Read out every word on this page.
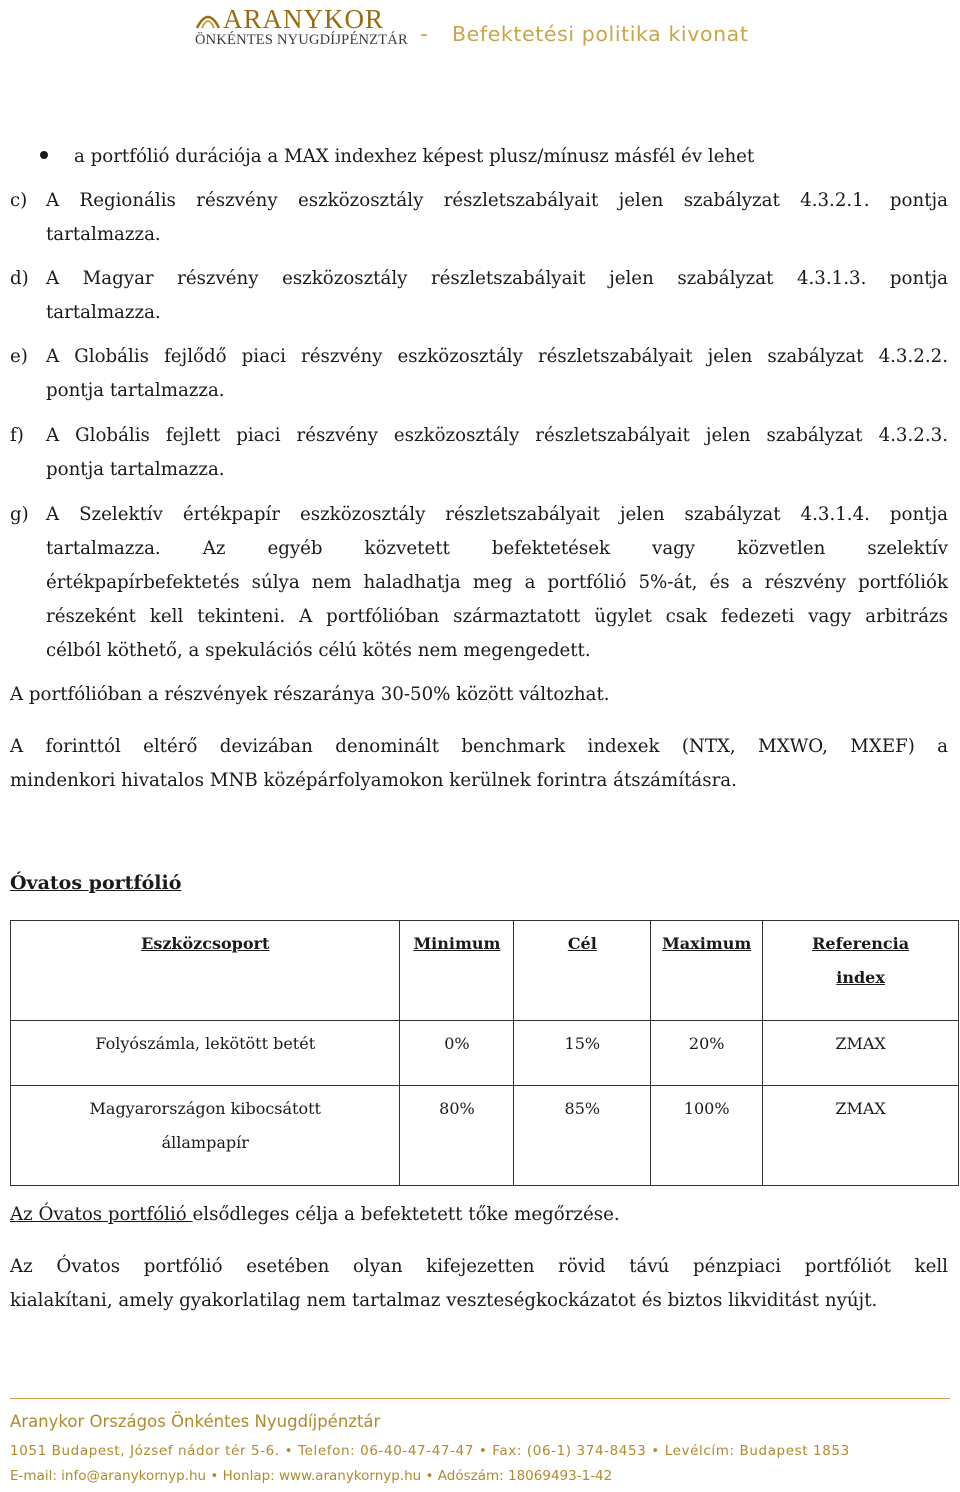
ARANYKOR
ÖNKÉNTES NYUGDÍJPÉNZTÁR - Befektetési politika kivonat
a portfólió durációja a MAX indexhez képest plusz/mínusz másfél év lehet
c) A Regionális részvény eszközosztály részletszabályait jelen szabályzat 4.3.2.1. pontja
tartalmazza.
d) A Magyar részvény eszközosztály részletszabályait jelen szabályzat 4.3.1.3. pontja
tartalmazza.
e) A Globális fejlődő piaci részvény eszközosztály részletszabályait jelen szabályzat 4.3.2.2.
pontja tartalmazza.
f) A Globális fejlett piaci részvény eszközosztály részletszabályait jelen szabályzat 4.3.2.3.
pontja tartalmazza.
g) A Szelektív értékpapír eszközosztály részletszabályait jelen szabályzat 4.3.1.4. pontja
tartalmazza. Az egyéb közvetett befektetések vagy közvetlen szelektív
értékpapírbefektetés súlya nem haladhatja meg a portfólió 5%-át, és a részvény portfóliók
részeként kell tekinteni. A portfólióban származtatott ügylet csak fedezeti vagy arbitrázs
célból köthető, a spekulációs célú kötés nem megengedett.

A portfólióban a részvények részaránya 30-50% között változhat.

A forinttól eltérő devizában denominált benchmark indexek (NTX, MXWO, MXEF) a
mindenkori hivatalos MNB középárfolyamokon kerülnek forintra átszámításra.
Óvatos portfólió
Eszközcsoport	Minimum	Cél	Maximum	Referencia
index
Folyószámla, lekötött betét	0%	15%	20%	ZMAX
Magyarországon kibocsátott
állampapír	80%	85%	100%	ZMAX

Az Óvatos portfólió elsődleges célja a befektetett tőke megőrzése.

Az Óvatos portfólió esetében olyan kifejezetten rövid távú pénzpiaci portfóliót kell
kialakítani, amely gyakorlatilag nem tartalmaz veszteségkockázatot és biztos likviditást nyújt.
Aranykor Országos Önkéntes Nyugdíjpénztár
1051 Budapest, József nádor tér 5-6. • Telefon: 06-40-47-47-47 • Fax: (06-1) 374-8453 • Levélcím: Budapest 1853
E-mail: info@aranykornyp.hu • Honlap: www.aranykornyp.hu • Adószám: 18069493-1-42
